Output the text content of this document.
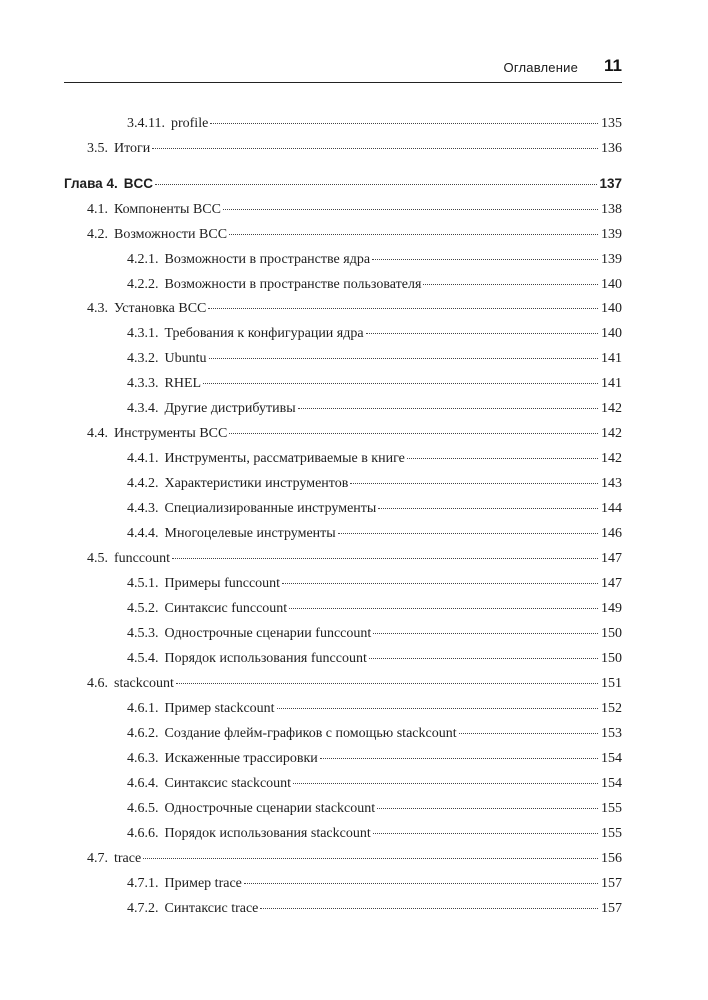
Оглавление 11
3.4.11. profile	135
3.5. Итоги	136
Глава 4. BCC	137
4.1. Компоненты BCC	138
4.2. Возможности BCC	139
4.2.1. Возможности в пространстве ядра	139
4.2.2. Возможности в пространстве пользователя	140
4.3. Установка BCC	140
4.3.1. Требования к конфигурации ядра	140
4.3.2. Ubuntu	141
4.3.3. RHEL	141
4.3.4. Другие дистрибутивы	142
4.4. Инструменты BCC	142
4.4.1. Инструменты, рассматриваемые в книге	142
4.4.2. Характеристики инструментов	143
4.4.3. Специализированные инструменты	144
4.4.4. Многоцелевые инструменты	146
4.5. funccount	147
4.5.1. Примеры funccount	147
4.5.2. Синтаксис funccount	149
4.5.3. Однострочные сценарии funccount	150
4.5.4. Порядок использования funccount	150
4.6. stackcount	151
4.6.1. Пример stackcount	152
4.6.2. Создание флейм-графиков с помощью stackcount	153
4.6.3. Искаженные трассировки	154
4.6.4. Синтаксис stackcount	154
4.6.5. Однострочные сценарии stackcount	155
4.6.6. Порядок использования stackcount	155
4.7. trace	156
4.7.1. Пример trace	157
4.7.2. Синтаксис trace	157
